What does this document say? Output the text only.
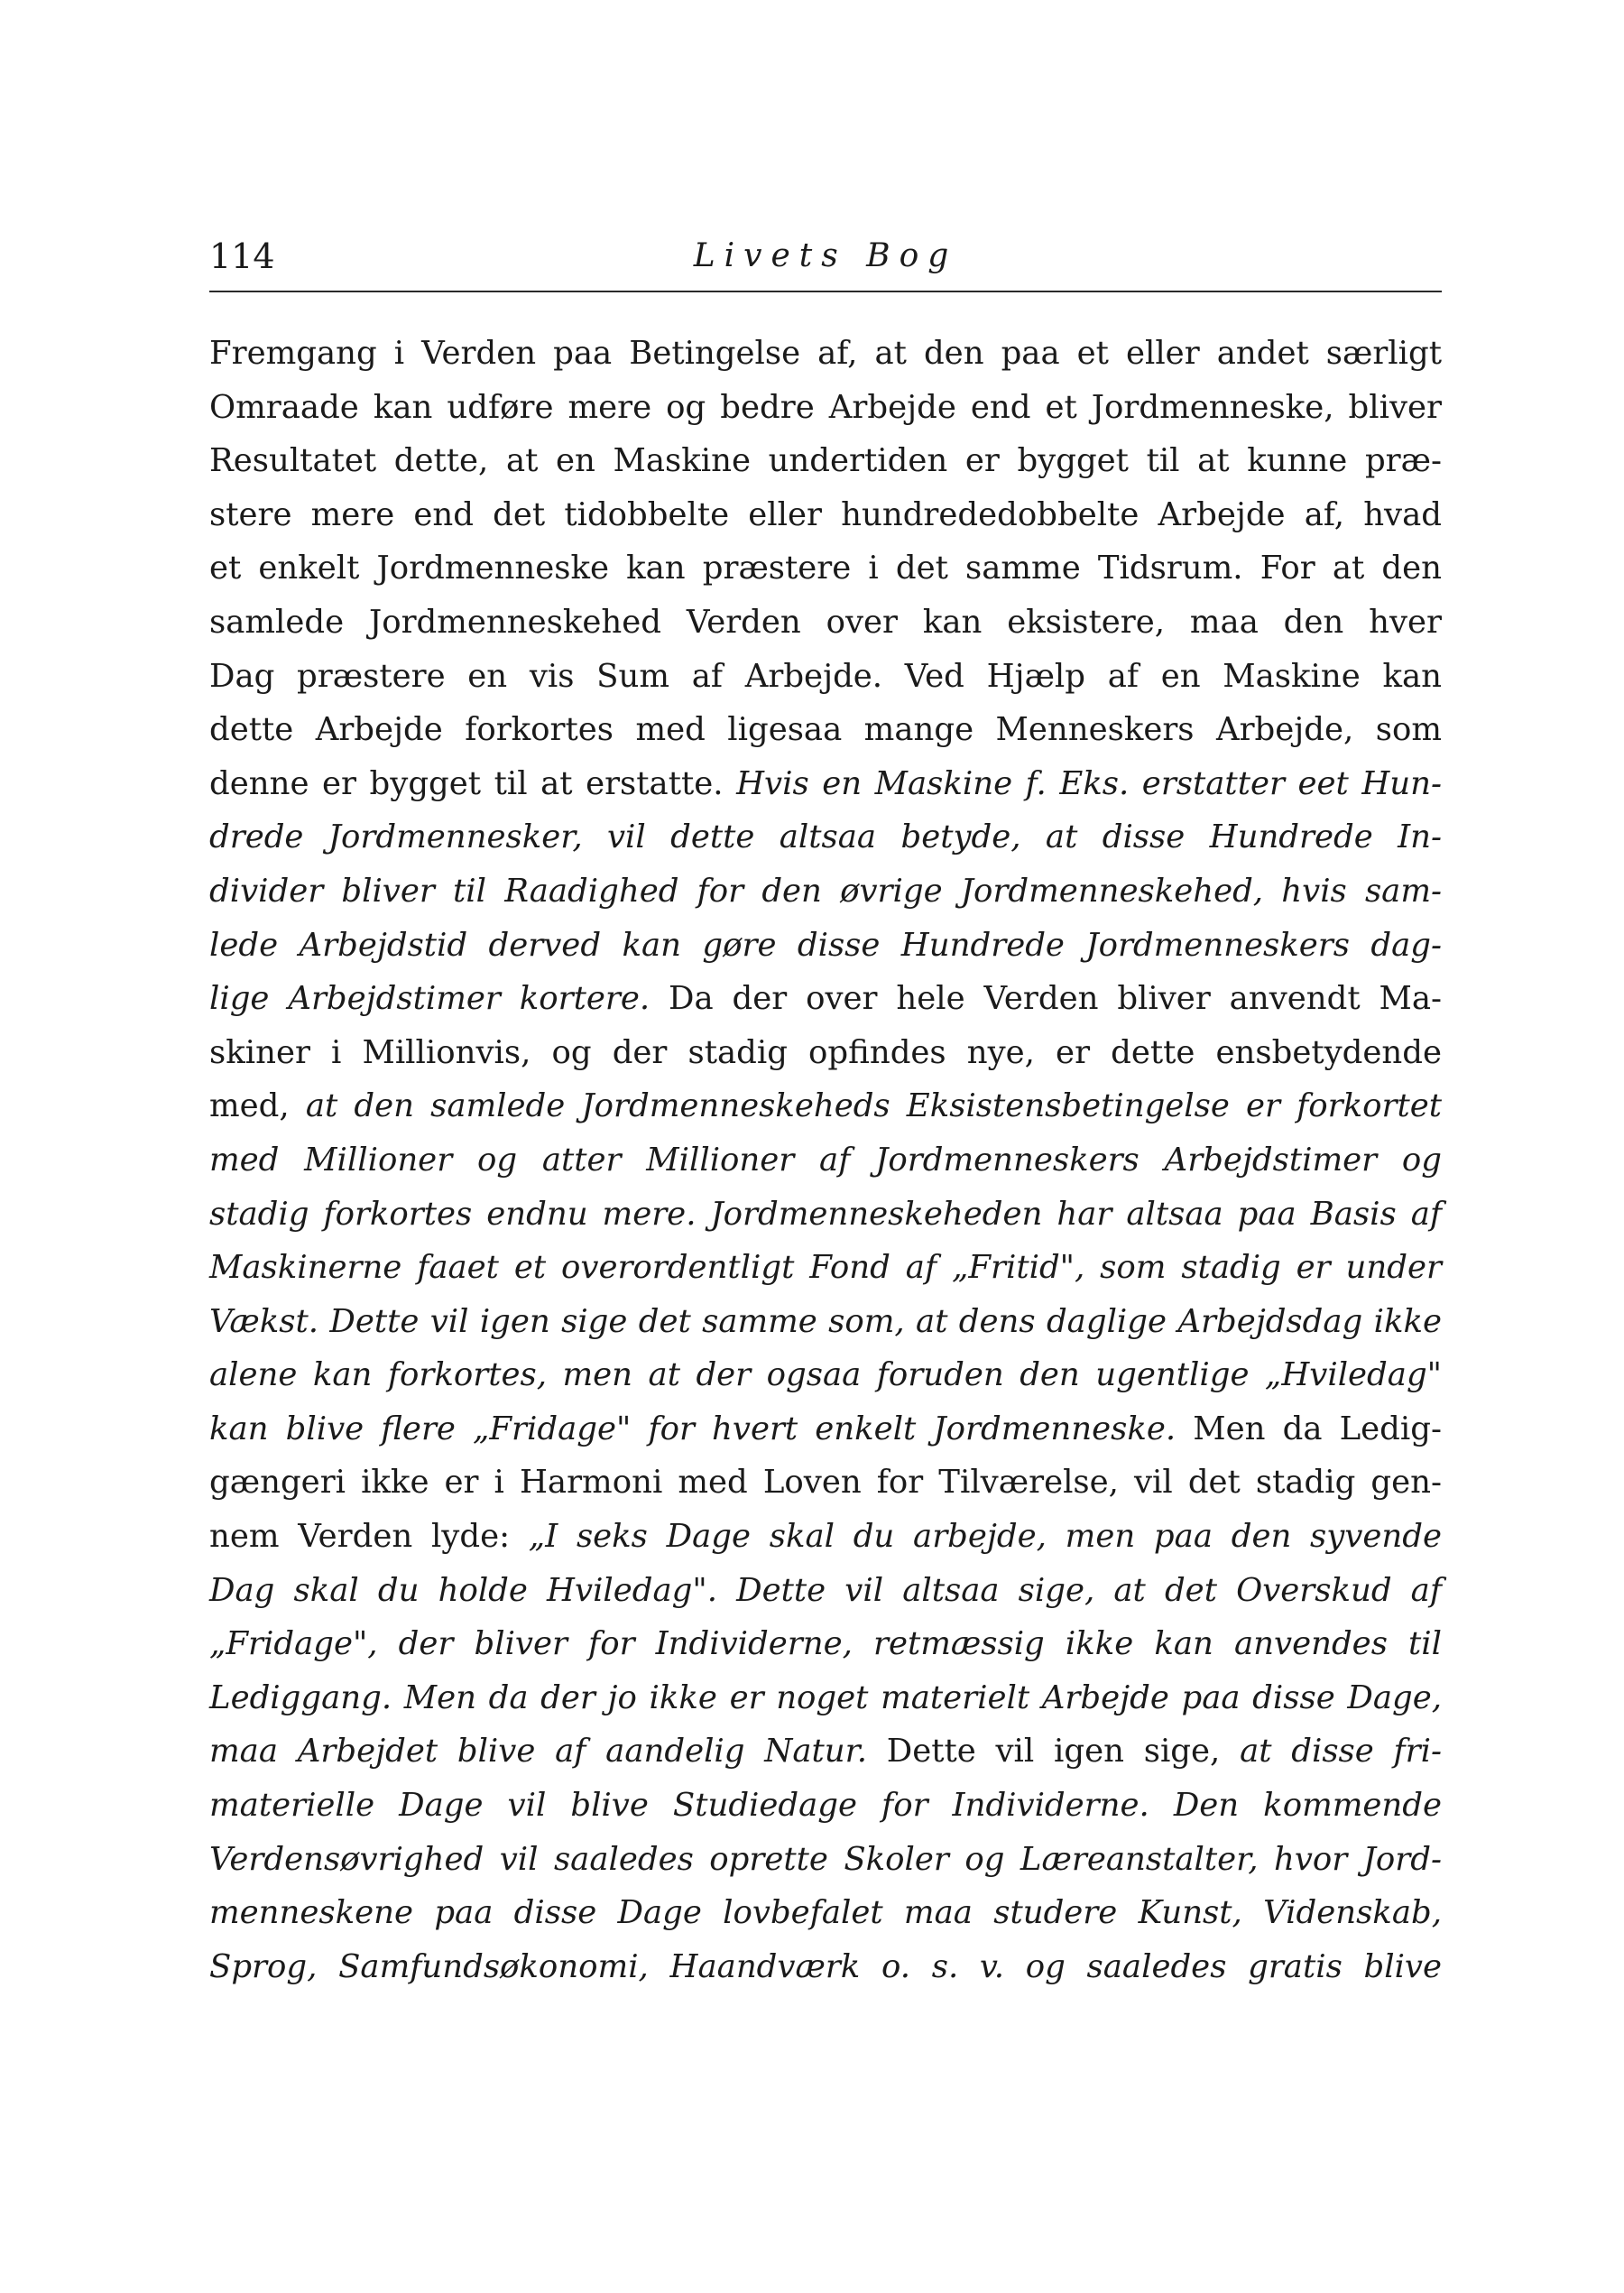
114	Livets Bog
Fremgang i Verden paa Betingelse af, at den paa et eller andet særligt
Omraade kan udføre mere og bedre Arbejde end et Jordmenneske, bliver
Resultatet dette, at en Maskine undertiden er bygget til at kunne præ-
stere mere end det tidobbelte eller hundrededobbelte Arbejde af, hvad
et enkelt Jordmenneske kan præstere i det samme Tidsrum. For at den
samlede Jordmenneskehed Verden over kan eksistere, maa den hver
Dag præstere en vis Sum af Arbejde. Ved Hjælp af en Maskine kan
dette Arbejde forkortes med ligesaa mange Menneskers Arbejde, som
denne er bygget til at erstatte. Hvis en Maskine f. Eks. erstatter eet Hun-
drede Jordmennesker, vil dette altsaa betyde, at disse Hundrede In-
divider bliver til Raadighed for den øvrige Jordmenneskehed, hvis sam-
lede Arbejdstid derved kan gøre disse Hundrede Jordmenneskers dag-
lige Arbejdstimer kortere. Da der over hele Verden bliver anvendt Ma-
skiner i Millionvis, og der stadig opfindes nye, er dette ensbetydende
med, at den samlede Jordmenneskeheds Eksistensbetingelse er forkortet
med Millioner og atter Millioner af Jordmenneskers Arbejdstimer og
stadig forkortes endnu mere. Jordmenneskeheden har altsaa paa Basis af
Maskinerne faaet et overordentligt Fond af „Fritid", som stadig er under
Vækst. Dette vil igen sige det samme som, at dens daglige Arbejdsdag ikke
alene kan forkortes, men at der ogsaa foruden den ugentlige „Hviledag"
kan blive flere „Fridage" for hvert enkelt Jordmenneske. Men da Ledig-
gængeri ikke er i Harmoni med Loven for Tilværelse, vil det stadig gen-
nem Verden lyde: „I seks Dage skal du arbejde, men paa den syvende
Dag skal du holde Hviledag". Dette vil altsaa sige, at det Overskud af
„Fridage", der bliver for Individerne, retmæssig ikke kan anvendes til
Lediggang. Men da der jo ikke er noget materielt Arbejde paa disse Dage,
maa Arbejdet blive af aandelig Natur. Dette vil igen sige, at disse fri-
materielle Dage vil blive Studiedage for Individerne. Den kommende
Verdensøvrighed vil saaledes oprette Skoler og Læreanstalter, hvor Jord-
menneskene paa disse Dage lovbefalet maa studere Kunst, Videnskab,
Sprog, Samfundsøkonomi, Haandværk o. s. v. og saaledes gratis blive
